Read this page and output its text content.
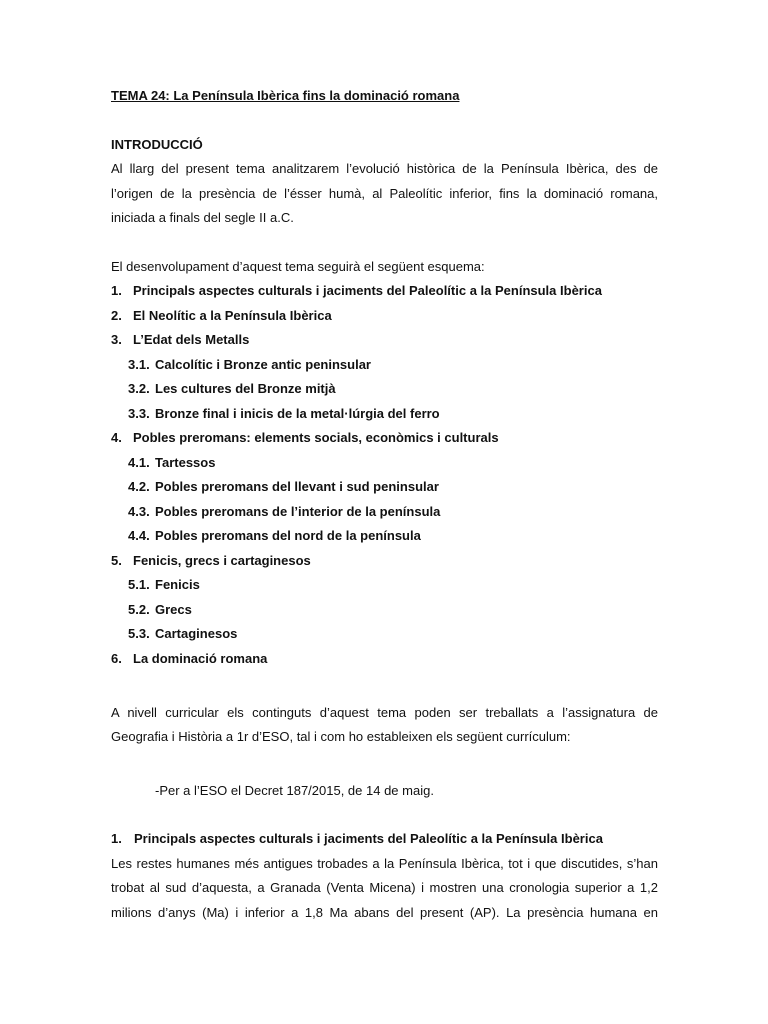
TEMA 24: La Península Ibèrica fins la dominació romana
INTRODUCCIÓ
Al llarg del present tema analitzarem l’evolució històrica de la Península Ibèrica, des de
l’origen de la presència de l’ésser humà, al Paleolític inferior, fins la dominació romana,
iniciada a finals del segle II a.C.
El desenvolupament d’aquest tema seguirà el següent esquema:
1. Principals aspectes culturals i jaciments del Paleolític a la Península Ibèrica
2. El Neolític a la Península Ibèrica
3. L’Edat dels Metalls
3.1. Calcolític i Bronze antic peninsular
3.2. Les cultures del Bronze mitjà
3.3. Bronze final i inicis de la metal·lúrgia del ferro
4. Pobles preromans: elements socials, econòmics i culturals
4.1. Tartessos
4.2. Pobles preromans del llevant i sud peninsular
4.3. Pobles preromans de l’interior de la península
4.4. Pobles preromans del nord de la península
5. Fenicis, grecs i cartaginesos
5.1. Fenicis
5.2. Grecs
5.3. Cartaginesos
6. La dominació romana
A nivell curricular els continguts d’aquest tema poden ser treballats a l’assignatura de
Geografia i Història a 1r d’ESO, tal i com ho estableixen els següent currículum:
-Per a l’ESO el Decret 187/2015, de 14 de maig.
1. Principals aspectes culturals i jaciments del Paleolític a la Península Ibèrica
Les restes humanes més antigues trobades a la Península Ibèrica, tot i que discutides, s’han
trobat al sud d’aquesta, a Granada (Venta Micena) i mostren una cronologia superior a 1,2
milions d’anys (Ma) i inferior a 1,8 Ma abans del present (AP). La presència humana en
